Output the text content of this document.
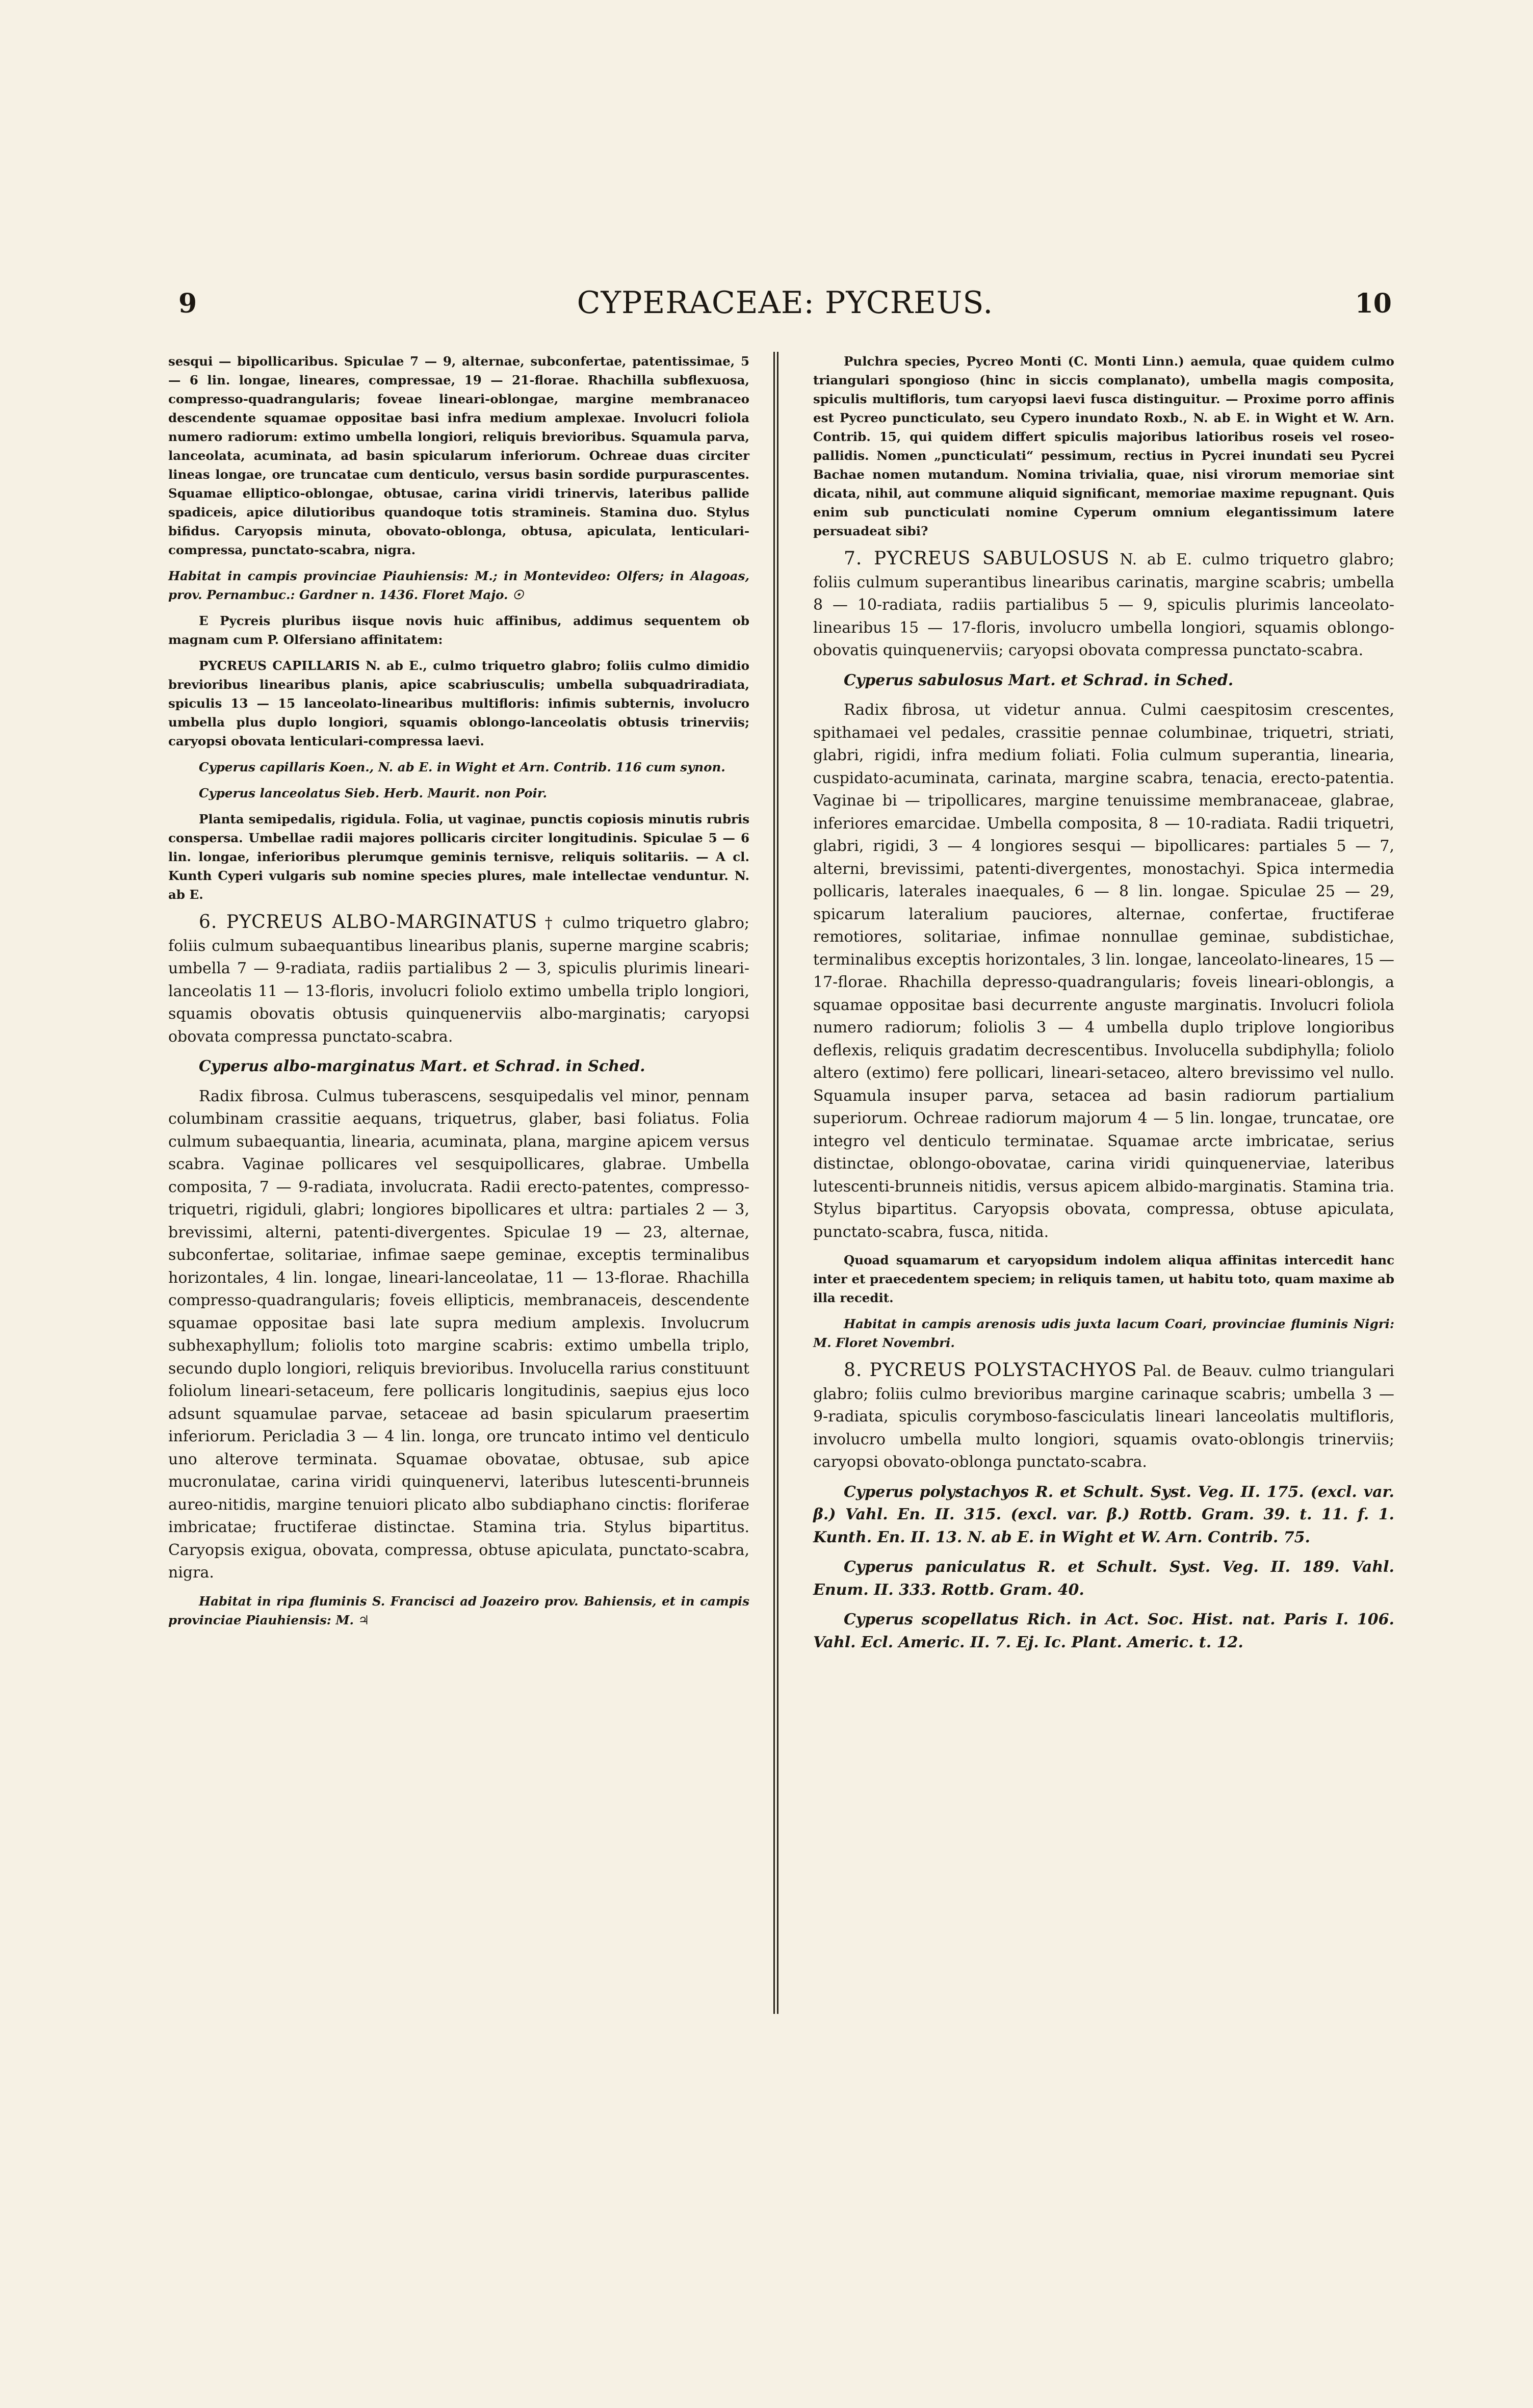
9	CYPERACEAE: PYCREUS.	10

sesqui — bipollicaribus. Spiculae 7 — 9, alternae, subconfertae, patentissimae, 5 — 6 lin. longae, lineares, compressae, 19 — 21-florae. Rhachilla subflexuosa, compresso-quadrangularis; foveae lineari-oblongae, margine membranaceo descendente squamae oppositae basi infra medium amplexae. Involucri foliola numero radiorum: extimo umbella longiori, reliquis brevioribus. Squamula parva, lanceolata, acuminata, ad basin spicularum inferiorum. Ochreae duas circiter lineas longae, ore truncatae cum denticulo, versus basin sordide purpurascentes. Squamae elliptico-oblongae, obtusae, carina viridi trinervis, lateribus pallide spadiceis, apice dilutioribus quandoque totis stramineis. Stamina duo. Stylus bifidus. Caryopsis minuta, obovato-oblonga, obtusa, apiculata, lenticulari-compressa, punctato-scabra, nigra.

Habitat in campis provinciae Piauhiensis: M.; in Montevideo: Olfers; in Alagoas, prov. Pernambuc.: Gardner n. 1436. Floret Majo. ☉

E Pycreis pluribus iisque novis huic affinibus, addimus sequentem ob magnam cum P. Olfersiano affinitatem:

PYCREUS CAPILLARIS N. ab E., culmo triquetro glabro; foliis culmo dimidio brevioribus linearibus planis, apice scabriusculis; umbella subquadriradiata, spiculis 13 — 15 lanceolato-linearibus multifloris: infimis subternis, involucro umbella plus duplo longiori, squamis oblongo-lanceolatis obtusis trinerviis; caryopsi obovata lenticulari-compressa laevi.

Cyperus capillaris Koen., N. ab E. in Wight et Arn. Contrib. 116 cum synon.

Cyperus lanceolatus Sieb. Herb. Maurit. non Poir.

Planta semipedalis, rigidula. Folia, ut vaginae, punctis copiosis minutis rubris conspersa. Umbellae radii majores pollicaris circiter longitudinis. Spiculae 5 — 6 lin. longae, inferioribus plerumque geminis ternisve, reliquis solitariis. — A cl. Kunth Cyperi vulgaris sub nomine species plures, male intellectae venduntur. N. ab E.

6. PYCREUS ALBO-MARGINATUS † culmo triquetro glabro; foliis culmum subaequantibus linearibus planis, superne margine scabris; umbella 7 — 9-radiata, radiis partialibus 2 — 3, spiculis plurimis lineari-lanceolatis 11 — 13-floris, involucri foliolo extimo umbella triplo longiori, squamis obovatis obtusis quinquenerviis albo-marginatis; caryopsi obovata compressa punctato-scabra.

Cyperus albo-marginatus Mart. et Schrad. in Sched.

Radix fibrosa. Culmus tuberascens, sesquipedalis vel minor, pennam columbinam crassitie aequans, triquetrus, glaber, basi foliatus. Folia culmum subaequantia, linearia, acuminata, plana, margine apicem versus scabra. Vaginae pollicares vel sesquipollicares, glabrae. Umbella composita, 7 — 9-radiata, involucrata. Radii erecto-patentes, compresso-triquetri, rigiduli, glabri; longiores bipollicares et ultra: partiales 2 — 3, brevissimi, alterni, patenti-divergentes. Spiculae 19 — 23, alternae, subconfertae, solitariae, infimae saepe geminae, exceptis terminalibus horizontales, 4 lin. longae, lineari-lanceolatae, 11 — 13-florae. Rhachilla compresso-quadrangularis; foveis ellipticis, membranaceis, descendente squamae oppositae basi late supra medium amplexis. Involucrum subhexaphyllum; foliolis toto margine scabris: extimo umbella triplo, secundo duplo longiori, reliquis brevioribus. Involucella rarius constituunt foliolum lineari-setaceum, fere pollicaris longitudinis, saepius ejus loco adsunt squamulae parvae, setaceae ad basin spicularum praesertim inferiorum. Pericladia 3 — 4 lin. longa, ore truncato intimo vel denticulo uno alterove terminata. Squamae obovatae, obtusae, sub apice mucronulatae, carina viridi quinquenervi, lateribus lutescenti-brunneis aureo-nitidis, margine tenuiori plicato albo subdiaphano cinctis: floriferae imbricatae; fructiferae distinctae. Stamina tria. Stylus bipartitus. Caryopsis exigua, obovata, compressa, obtuse apiculata, punctato-scabra, nigra.

Habitat in ripa fluminis S. Francisci ad Joazeiro prov. Bahiensis, et in campis provinciae Piauhiensis: M. ♃

Pulchra species, Pycreo Monti (C. Monti Linn.) aemula, quae quidem culmo triangulari spongioso (hinc in siccis complanato), umbella magis composita, spiculis multifloris, tum caryopsi laevi fusca distinguitur. — Proxime porro affinis est Pycreo puncticulato, seu Cypero inundato Roxb., N. ab E. in Wight et W. Arn. Contrib. 15, qui quidem differt spiculis majoribus latioribus roseis vel roseo-pallidis. Nomen „puncticulati“ pessimum, rectius in Pycrei inundati seu Pycrei Bachae nomen mutandum. Nomina trivialia, quae, nisi virorum memoriae sint dicata, nihil, aut commune aliquid significant, memoriae maxime repugnant. Quis enim sub puncticulati nomine Cyperum omnium elegantissimum latere persuadeat sibi?

7. PYCREUS SABULOSUS N. ab E. culmo triquetro glabro; foliis culmum superantibus linearibus carinatis, margine scabris; umbella 8 — 10-radiata, radiis partialibus 5 — 9, spiculis plurimis lanceolato-linearibus 15 — 17-floris, involucro umbella longiori, squamis oblongo-obovatis quinquenerviis; caryopsi obovata compressa punctato-scabra.

Cyperus sabulosus Mart. et Schrad. in Sched.

Radix fibrosa, ut videtur annua. Culmi caespitosim crescentes, spithamaei vel pedales, crassitie pennae columbinae, triquetri, striati, glabri, rigidi, infra medium foliati. Folia culmum superantia, linearia, cuspidato-acuminata, carinata, margine scabra, tenacia, erecto-patentia. Vaginae bi — tripollicares, margine tenuissime membranaceae, glabrae, inferiores emarcidae. Umbella composita, 8 — 10-radiata. Radii triquetri, glabri, rigidi, 3 — 4 longiores sesqui — bipollicares: partiales 5 — 7, alterni, brevissimi, patenti-divergentes, monostachyi. Spica intermedia pollicaris, laterales inaequales, 6 — 8 lin. longae. Spiculae 25 — 29, spicarum lateralium pauciores, alternae, confertae, fructiferae remotiores, solitariae, infimae nonnullae geminae, subdistichae, terminalibus exceptis horizontales, 3 lin. longae, lanceolato-lineares, 15 — 17-florae. Rhachilla depresso-quadrangularis; foveis lineari-oblongis, a squamae oppositae basi decurrente anguste marginatis. Involucri foliola numero radiorum; foliolis 3 — 4 umbella duplo triplove longioribus deflexis, reliquis gradatim decrescentibus. Involucella subdiphylla; foliolo altero (extimo) fere pollicari, lineari-setaceo, altero brevissimo vel nullo. Squamula insuper parva, setacea ad basin radiorum partialium superiorum. Ochreae radiorum majorum 4 — 5 lin. longae, truncatae, ore integro vel denticulo terminatae. Squamae arcte imbricatae, serius distinctae, oblongo-obovatae, carina viridi quinquenerviae, lateribus lutescenti-brunneis nitidis, versus apicem albido-marginatis. Stamina tria. Stylus bipartitus. Caryopsis obovata, compressa, obtuse apiculata, punctato-scabra, fusca, nitida.

Quoad squamarum et caryopsidum indolem aliqua affinitas intercedit hanc inter et praecedentem speciem; in reliquis tamen, ut habitu toto, quam maxime ab illa recedit.

Habitat in campis arenosis udis juxta lacum Coari, provinciae fluminis Nigri: M. Floret Novembri.

8. PYCREUS POLYSTACHYOS Pal. de Beauv. culmo triangulari glabro; foliis culmo brevioribus margine carinaque scabris; umbella 3 — 9-radiata, spiculis corymboso-fasciculatis lineari lanceolatis multifloris, involucro umbella multo longiori, squamis ovato-oblongis trinerviis; caryopsi obovato-oblonga punctato-scabra.

Cyperus polystachyos R. et Schult. Syst. Veg. II. 175. (excl. var. β.) Vahl. En. II. 315. (excl. var. β.) Rottb. Gram. 39. t. 11. f. 1. Kunth. En. II. 13. N. ab E. in Wight et W. Arn. Contrib. 75.

Cyperus paniculatus R. et Schult. Syst. Veg. II. 189. Vahl. Enum. II. 333. Rottb. Gram. 40.

Cyperus scopellatus Rich. in Act. Soc. Hist. nat. Paris I. 106. Vahl. Ecl. Americ. II. 7. Ej. Ic. Plant. Americ. t. 12.
